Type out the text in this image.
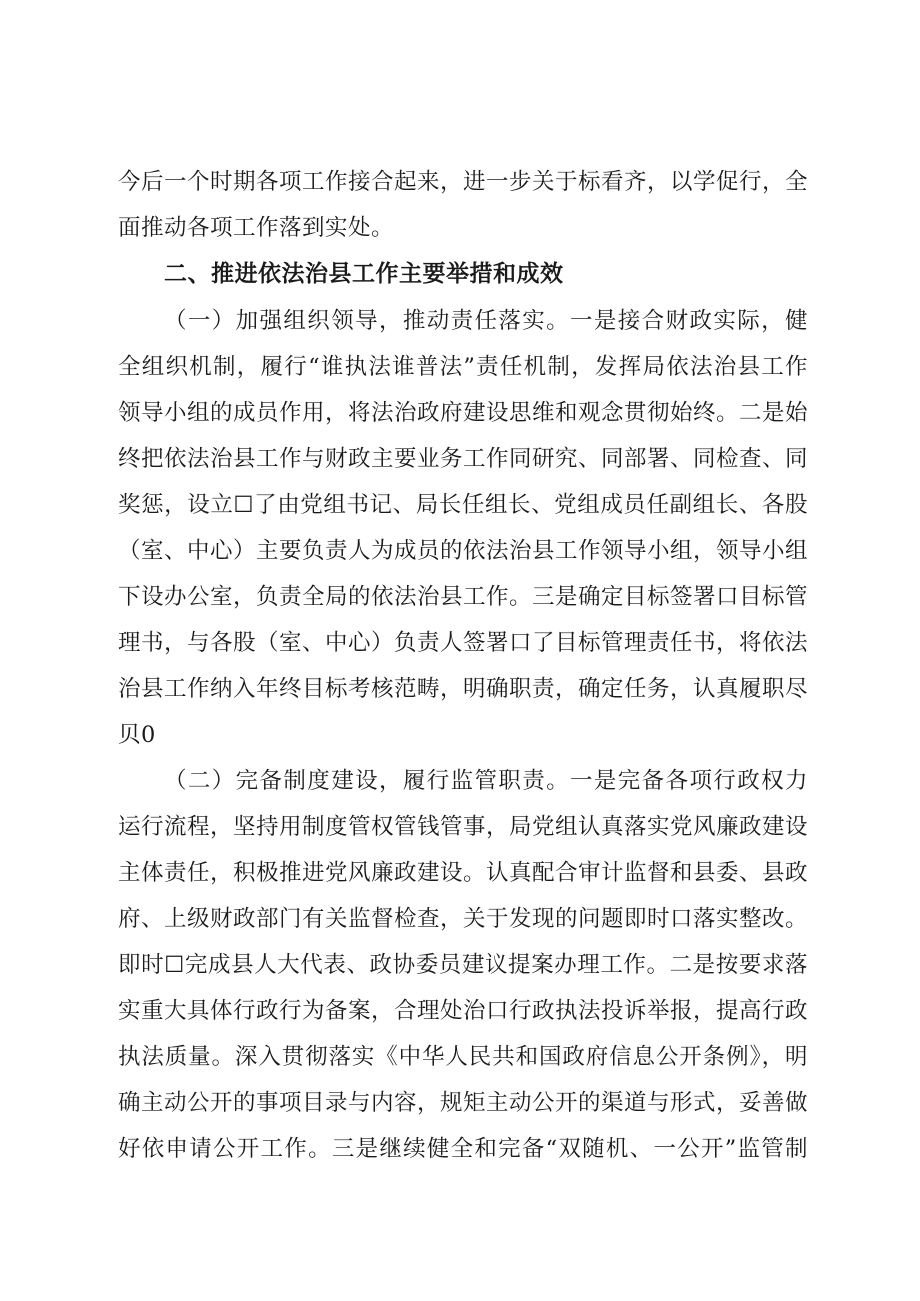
今后一个时期各项工作接合起来，进一步关于标看齐，以学促行，全
面推动各项工作落到实处。
二、推进依法治县工作主要举措和成效
（一）加强组织领导，推动责任落实。一是接合财政实际，健
全组织机制，履行“谁执法谁普法”责任机制，发挥局依法治县工作
领导小组的成员作用，将法治政府建设思维和观念贯彻始终。二是始
终把依法治县工作与财政主要业务工作同研究、同部署、同检查、同
奖惩，设立☐了由党组书记、局长任组长、党组成员任副组长、各股
（室、中心）主要负责人为成员的依法治县工作领导小组，领导小组
下设办公室，负责全局的依法治县工作。三是确定目标签署口目标管
理书，与各股（室、中心）负责人签署口了目标管理责任书，将依法
治县工作纳入年终目标考核范畴，明确职责，确定任务，认真履职尽
贝0
（二）完备制度建设，履行监管职责。一是完备各项行政权力
运行流程，坚持用制度管权管钱管事，局党组认真落实党风廉政建设
主体责任，积极推进党风廉政建设。认真配合审计监督和县委、县政
府、上级财政部门有关监督检查，关于发现的问题即时口落实整改。
即时☐完成县人大代表、政协委员建议提案办理工作。二是按要求落
实重大具体行政行为备案，合理处治口行政执法投诉举报，提高行政
执法质量。深入贯彻落实《中华人民共和国政府信息公开条例》，明
确主动公开的事项目录与内容，规矩主动公开的渠道与形式，妥善做
好依申请公开工作。三是继续健全和完备“双随机、一公开”监管制
